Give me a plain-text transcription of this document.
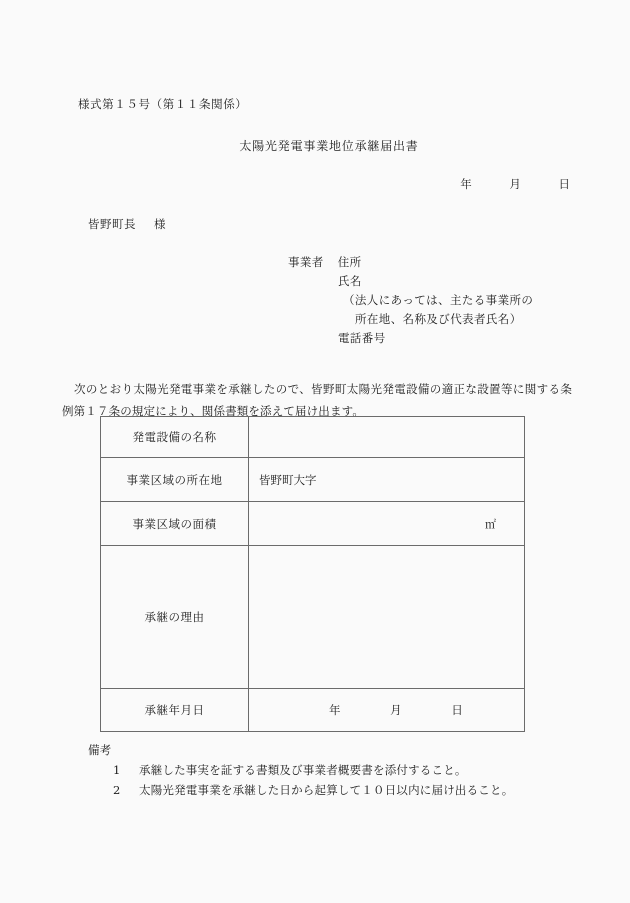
様式第１５号（第１１条関係）
太陽光発電事業地位承継届出書
年	月	日
皆野町長 様
事業者 住所
氏名
（法人にあっては、主たる事業所の
所在地、名称及び代表者氏名）
電話番号
次のとおり太陽光発電事業を承継したので、皆野町太陽光発電設備の適正な設置等に関する条例第１７条の規定により、関係書類を添えて届け出ます。
発電設備の名称	
事業区域の所在地	皆野町大字
事業区域の面積	㎡

承継の理由	
承継年月日	年 月 日
備考
1 承継した事実を証する書類及び事業者概要書を添付すること。
2 太陽光発電事業を承継した日から起算して１０日以内に届け出ること。
